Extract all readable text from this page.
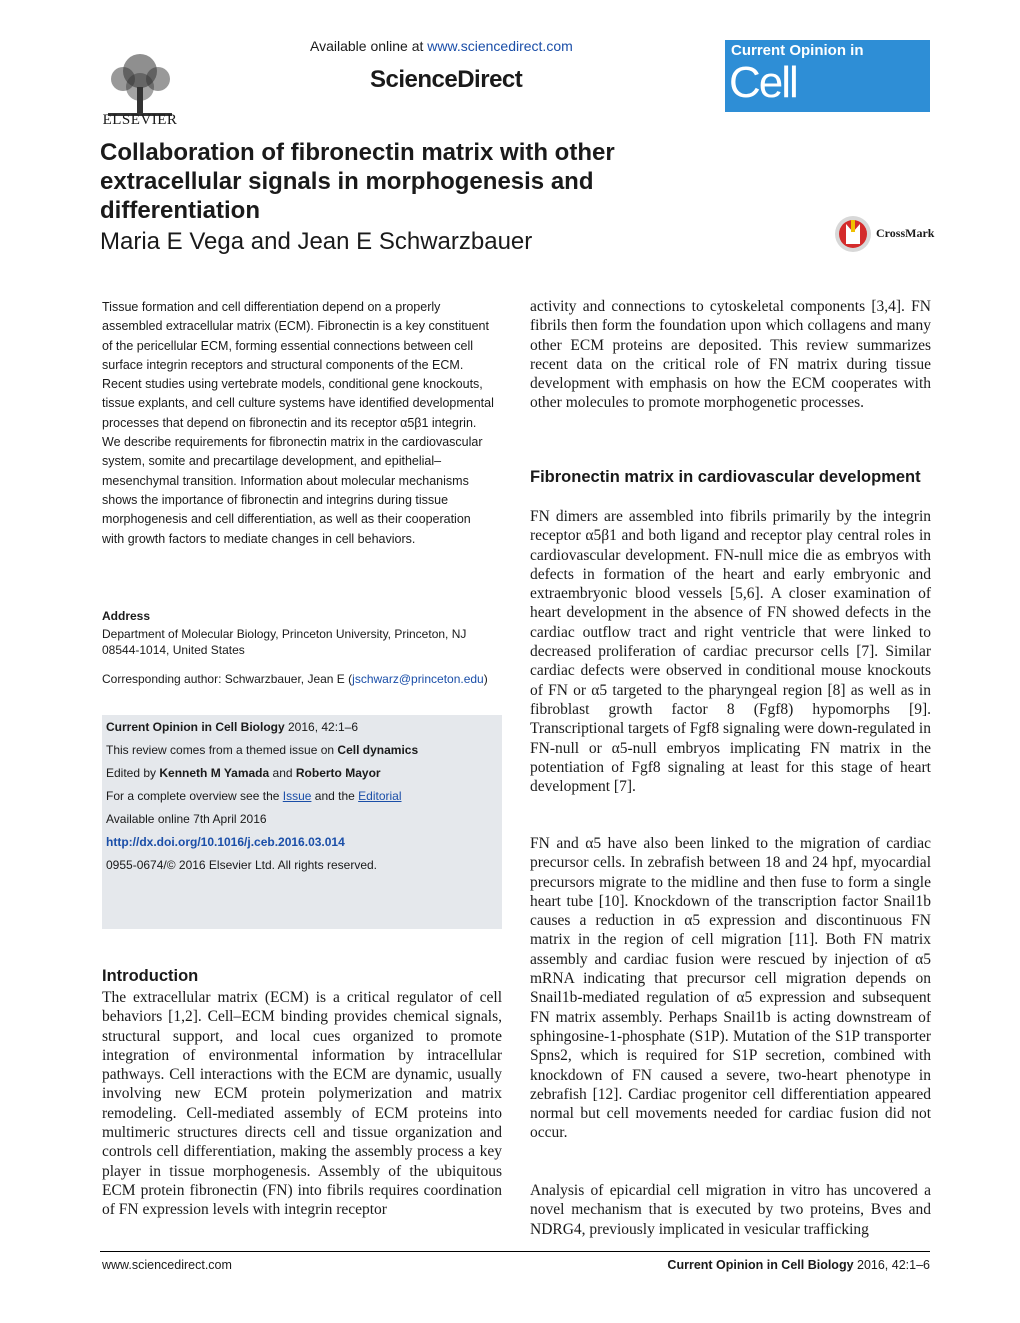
ELSEVIER
Available online at www.sciencedirect.com
ScienceDirect
Current Opinion in
Cell Biology
Collaboration of fibronectin matrix with other extracellular signals in morphogenesis and differentiation
Maria E Vega and Jean E Schwarzbauer	CrossMark
Tissue formation and cell differentiation depend on a properly assembled extracellular matrix (ECM). Fibronectin is a key constituent of the pericellular ECM, forming essential connections between cell surface integrin receptors and structural components of the ECM. Recent studies using vertebrate models, conditional gene knockouts, tissue explants, and cell culture systems have identified developmental processes that depend on fibronectin and its receptor α5β1 integrin. We describe requirements for fibronectin matrix in the cardiovascular system, somite and precartilage development, and epithelial–mesenchymal transition. Information about molecular mechanisms shows the importance of fibronectin and integrins during tissue morphogenesis and cell differentiation, as well as their cooperation with growth factors to mediate changes in cell behaviors.
Address
Department of Molecular Biology, Princeton University, Princeton, NJ 08544-1014, United States
Corresponding author: Schwarzbauer, Jean E (jschwarz@princeton.edu)
Current Opinion in Cell Biology 2016, 42:1–6
This review comes from a themed issue on Cell dynamics
Edited by Kenneth M Yamada and Roberto Mayor
For a complete overview see the Issue and the Editorial
Available online 7th April 2016
http://dx.doi.org/10.1016/j.ceb.2016.03.014
0955-0674/© 2016 Elsevier Ltd. All rights reserved.
Introduction
The extracellular matrix (ECM) is a critical regulator of cell behaviors [1,2]. Cell–ECM binding provides chemical signals, structural support, and local cues organized to promote integration of environmental information by intracellular pathways. Cell interactions with the ECM are dynamic, usually involving new ECM protein polymerization and matrix remodeling. Cell-mediated assembly of ECM proteins into multimeric structures directs cell and tissue organization and controls cell differentiation, making the assembly process a key player in tissue morphogenesis. Assembly of the ubiquitous ECM protein fibronectin (FN) into fibrils requires coordination of FN expression levels with integrin receptor
activity and connections to cytoskeletal components [3,4]. FN fibrils then form the foundation upon which collagens and many other ECM proteins are deposited. This review summarizes recent data on the critical role of FN matrix during tissue development with emphasis on how the ECM cooperates with other molecules to promote morphogenetic processes.
Fibronectin matrix in cardiovascular development
FN dimers are assembled into fibrils primarily by the integrin receptor α5β1 and both ligand and receptor play central roles in cardiovascular development. FN-null mice die as embryos with defects in formation of the heart and early embryonic and extraembryonic blood vessels [5,6]. A closer examination of heart development in the absence of FN showed defects in the cardiac outflow tract and right ventricle that were linked to decreased proliferation of cardiac precursor cells [7]. Similar cardiac defects were observed in conditional mouse knockouts of FN or α5 targeted to the pharyngeal region [8] as well as in fibroblast growth factor 8 (Fgf8) hypomorphs [9]. Transcriptional targets of Fgf8 signaling were down-regulated in FN-null or α5-null embryos implicating FN matrix in the potentiation of Fgf8 signaling at least for this stage of heart development [7].
FN and α5 have also been linked to the migration of cardiac precursor cells. In zebrafish between 18 and 24 hpf, myocardial precursors migrate to the midline and then fuse to form a single heart tube [10]. Knockdown of the transcription factor Snail1b causes a reduction in α5 expression and discontinuous FN matrix in the region of cell migration [11]. Both FN matrix assembly and cardiac fusion were rescued by injection of α5 mRNA indicating that precursor cell migration depends on Snail1b-mediated regulation of α5 expression and subsequent FN matrix assembly. Perhaps Snail1b is acting downstream of sphingosine-1-phosphate (S1P). Mutation of the S1P transporter Spns2, which is required for S1P secretion, combined with knockdown of FN caused a severe, two-heart phenotype in zebrafish [12]. Cardiac progenitor cell differentiation appeared normal but cell movements needed for cardiac fusion did not occur.
Analysis of epicardial cell migration in vitro has uncovered a novel mechanism that is executed by two proteins, Bves and NDRG4, previously implicated in vesicular trafficking
www.sciencedirect.com	Current Opinion in Cell Biology 2016, 42:1–6
